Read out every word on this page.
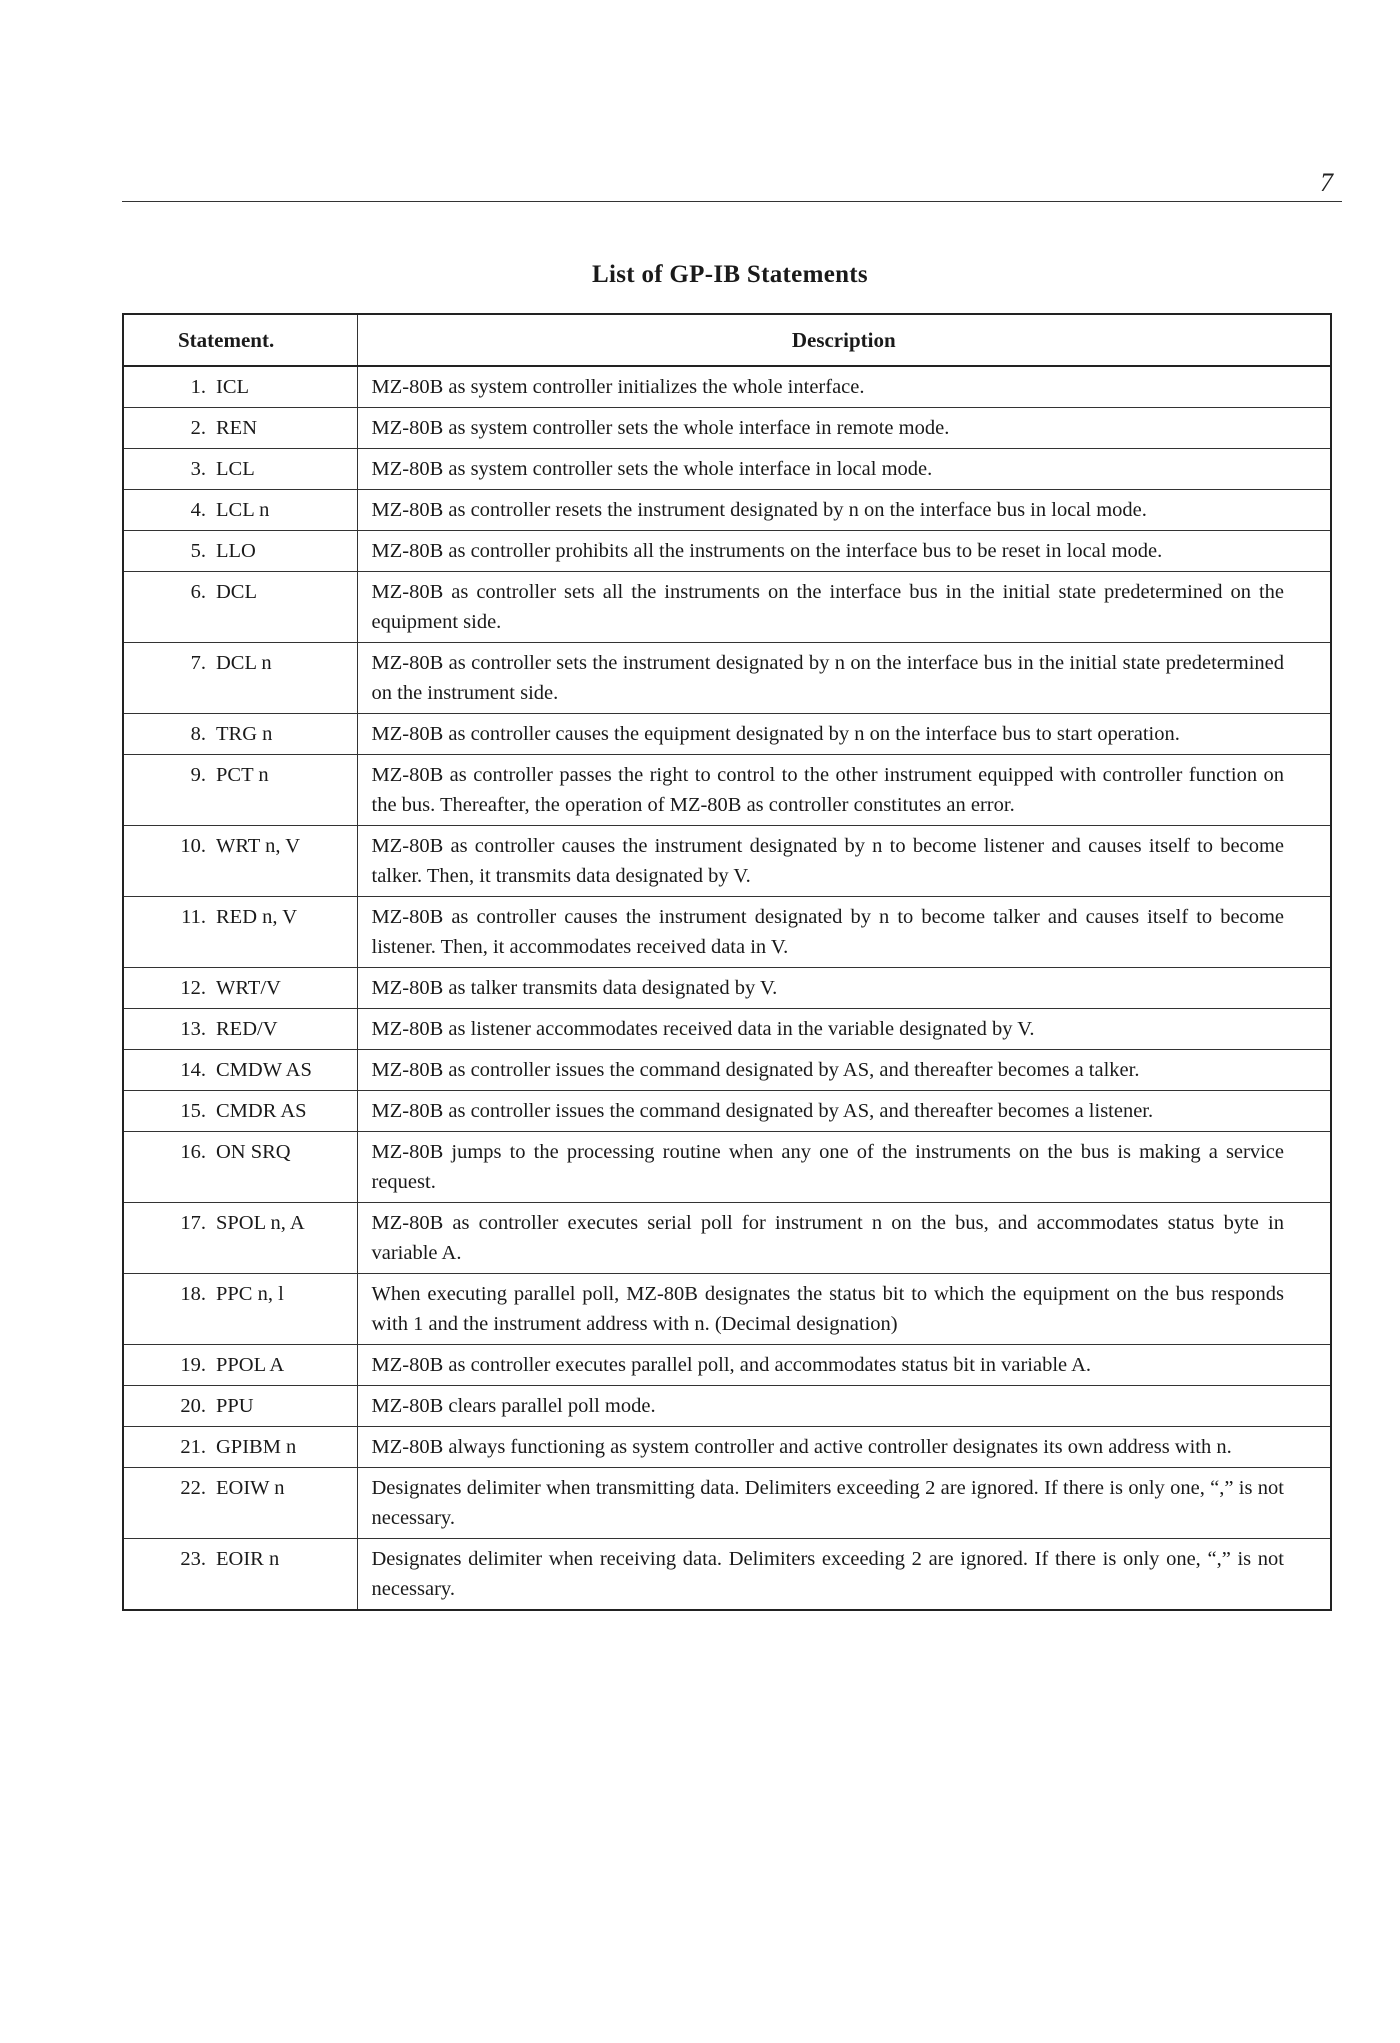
7
List of GP-IB Statements
Statement.	Description
1. ICL	MZ-80B as system controller initializes the whole interface.
2. REN	MZ-80B as system controller sets the whole interface in remote mode.
3. LCL	MZ-80B as system controller sets the whole interface in local mode.
4. LCL n	MZ-80B as controller resets the instrument designated by n on the interface bus in local mode.
5. LLO	MZ-80B as controller prohibits all the instruments on the interface bus to be reset in local mode.
6. DCL	MZ-80B as controller sets all the instruments on the interface bus in the initial state predetermined on the equipment side.
7. DCL n	MZ-80B as controller sets the instrument designated by n on the interface bus in the initial state predetermined on the instrument side.
8. TRG n	MZ-80B as controller causes the equipment designated by n on the interface bus to start operation.
9. PCT n	MZ-80B as controller passes the right to control to the other instrument equipped with controller function on the bus. Thereafter, the operation of MZ-80B as controller constitutes an error.
10. WRT n, V	MZ-80B as controller causes the instrument designated by n to become listener and causes itself to become talker. Then, it transmits data designated by V.
11. RED n, V	MZ-80B as controller causes the instrument designated by n to become talker and causes itself to become listener. Then, it accommodates received data in V.
12. WRT/V	MZ-80B as talker transmits data designated by V.
13. RED/V	MZ-80B as listener accommodates received data in the variable designated by V.
14. CMDW AS	MZ-80B as controller issues the command designated by AS, and thereafter becomes a talker.
15. CMDR AS	MZ-80B as controller issues the command designated by AS, and thereafter becomes a listener.
16. ON SRQ	MZ-80B jumps to the processing routine when any one of the instruments on the bus is making a service request.
17. SPOL n, A	MZ-80B as controller executes serial poll for instrument n on the bus, and accommodates status byte in variable A.
18. PPC n, l	When executing parallel poll, MZ-80B designates the status bit to which the equipment on the bus responds with 1 and the instrument address with n. (Decimal designation)
19. PPOL A	MZ-80B as controller executes parallel poll, and accommodates status bit in variable A.
20. PPU	MZ-80B clears parallel poll mode.
21. GPIBM n	MZ-80B always functioning as system controller and active controller designates its own address with n.
22. EOIW n	Designates delimiter when transmitting data. Delimiters exceeding 2 are ignored. If there is only one, “,” is not necessary.
23. EOIR n	Designates delimiter when receiving data. Delimiters exceeding 2 are ignored. If there is only one, “,” is not necessary.
